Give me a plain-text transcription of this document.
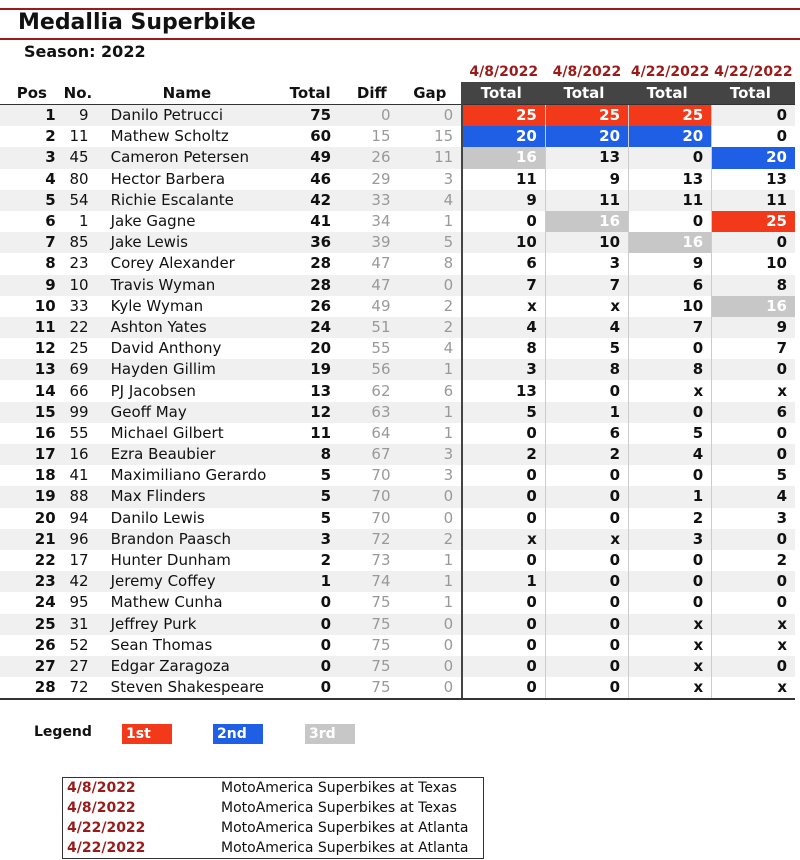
Medallia Superbike
Season: 2022
						4/8/2022	4/8/2022	4/22/2022	4/22/2022
Pos	No.	Name	Total	Diff	Gap	Total	Total	Total	Total
1	9	Danilo Petrucci	75	0	0	25	25	25	0
2	11	Mathew Scholtz	60	15	15	20	20	20	0
3	45	Cameron Petersen	49	26	11	16	13	0	20
4	80	Hector Barbera	46	29	3	11	9	13	13
5	54	Richie Escalante	42	33	4	9	11	11	11
6	1	Jake Gagne	41	34	1	0	16	0	25
7	85	Jake Lewis	36	39	5	10	10	16	0
8	23	Corey Alexander	28	47	8	6	3	9	10
9	10	Travis Wyman	28	47	0	7	7	6	8
10	33	Kyle Wyman	26	49	2	x	x	10	16
11	22	Ashton Yates	24	51	2	4	4	7	9
12	25	David Anthony	20	55	4	8	5	0	7
13	69	Hayden Gillim	19	56	1	3	8	8	0
14	66	PJ Jacobsen	13	62	6	13	0	x	x
15	99	Geoff May	12	63	1	5	1	0	6
16	55	Michael Gilbert	11	64	1	0	6	5	0
17	16	Ezra Beaubier	8	67	3	2	2	4	0
18	41	Maximiliano Gerardo	5	70	3	0	0	0	5
19	88	Max Flinders	5	70	0	0	0	1	4
20	94	Danilo Lewis	5	70	0	0	0	2	3
21	96	Brandon Paasch	3	72	2	x	x	3	0
22	17	Hunter Dunham	2	73	1	0	0	0	2
23	42	Jeremy Coffey	1	74	1	1	0	0	0
24	95	Mathew Cunha	0	75	1	0	0	0	0
25	31	Jeffrey Purk	0	75	0	0	0	x	x
26	52	Sean Thomas	0	75	0	0	0	x	x
27	27	Edgar Zaragoza	0	75	0	0	0	x	0
28	72	Steven Shakespeare	0	75	0	0	0	x	x
Legend	1st place
2nd place
3rd place
4/8/2022	MotoAmerica Superbikes at Texas
4/8/2022	MotoAmerica Superbikes at Texas
4/22/2022	MotoAmerica Superbikes at Atlanta
4/22/2022	MotoAmerica Superbikes at Atlanta
